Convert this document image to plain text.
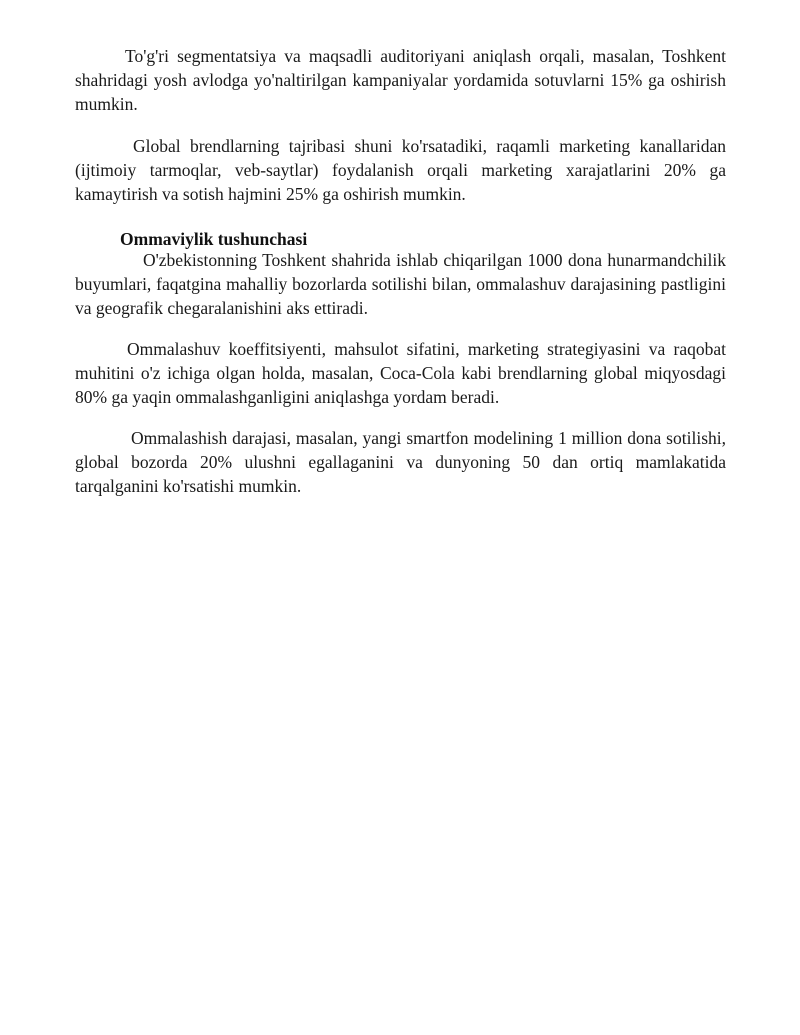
To'g'ri segmentatsiya va maqsadli auditoriyani aniqlash orqali, masalan, Toshkent shahridagi yosh avlodga yo'naltirilgan kampaniyalar yordamida sotuvlarni 15% ga oshirish mumkin.

Global brendlarning tajribasi shuni ko'rsatadiki, raqamli marketing kanallaridan (ijtimoiy tarmoqlar, veb-saytlar) foydalanish orqali marketing xarajatlarini 20% ga kamaytirish va sotish hajmini 25% ga oshirish mumkin.

Ommaviylik tushunchasi

O'zbekistonning Toshkent shahrida ishlab chiqarilgan 1000 dona hunarmandchilik buyumlari, faqatgina mahalliy bozorlarda sotilishi bilan, ommalashuv darajasining pastligini va geografik chegaralanishini aks ettiradi.

Ommalashuv koeffitsiyenti, mahsulot sifatini, marketing strategiyasini va raqobat muhitini o'z ichiga olgan holda, masalan, Coca-Cola kabi brendlarning global miqyosdagi 80% ga yaqin ommalashganligini aniqlashga yordam beradi.

Ommalashish darajasi, masalan, yangi smartfon modelining 1 million dona sotilishi, global bozorda 20% ulushni egallaganini va dunyoning 50 dan ortiq mamlakatida tarqalganini ko'rsatishi mumkin.
